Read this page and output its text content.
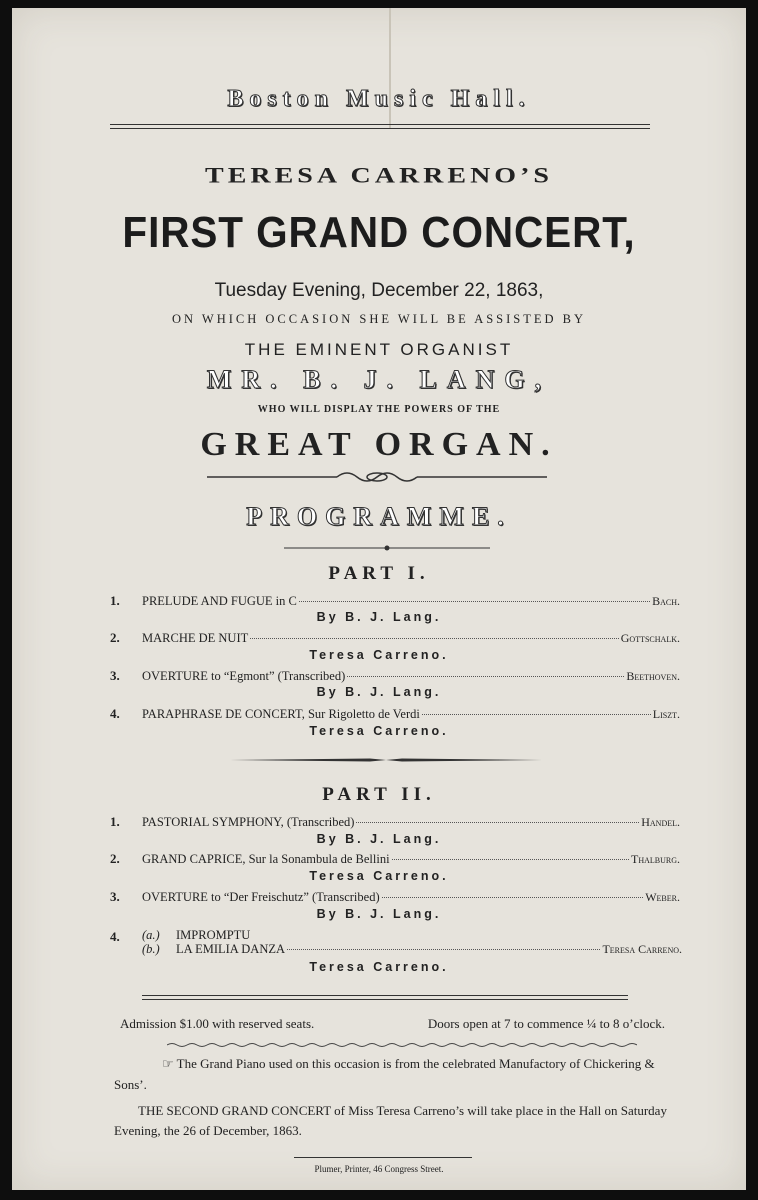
Boston Music Hall.
TERESA CARRENO’S
FIRST GRAND CONCERT,
Tuesday Evening, December 22, 1863,
ON WHICH OCCASION SHE WILL BE ASSISTED BY
THE EMINENT ORGANIST
MR. B. J. LANG,
WHO WILL DISPLAY THE POWERS OF THE
GREAT ORGAN.
PROGRAMME.
PART I.
1.	PRELUDE AND FUGUE in C	Bach.
By B. J. Lang.
2.	MARCHE DE NUIT	Gottschalk.
Teresa Carreno.
3.	OVERTURE to “Egmont” (Transcribed)	Beethoven.
By B. J. Lang.
4.	PARAPHRASE DE CONCERT, Sur Rigoletto de Verdi	Liszt.
Teresa Carreno.
PART II.
1.	PASTORIAL SYMPHONY, (Transcribed)	Handel.
By B. J. Lang.
2.	GRAND CAPRICE, Sur la Sonambula de Bellini	Thalburg.
Teresa Carreno.
3.	OVERTURE to “Der Freischutz” (Transcribed)	Weber.
By B. J. Lang.
4.	(a.)	IMPROMPTU
(b.)	LA EMILIA DANZA	Teresa Carreno.
Teresa Carreno.
Admission $1.00 with reserved seats.	Doors open at 7 to commence ¼ to 8 o’clock.
☞ The Grand Piano used on this occasion is from the celebrated Manufactory of Chickering & Sons’.
THE SECOND GRAND CONCERT of Miss Teresa Carreno’s will take place in the Hall on Saturday Evening, the 26 of December, 1863.
Plumer, Printer, 46 Congress Street.
